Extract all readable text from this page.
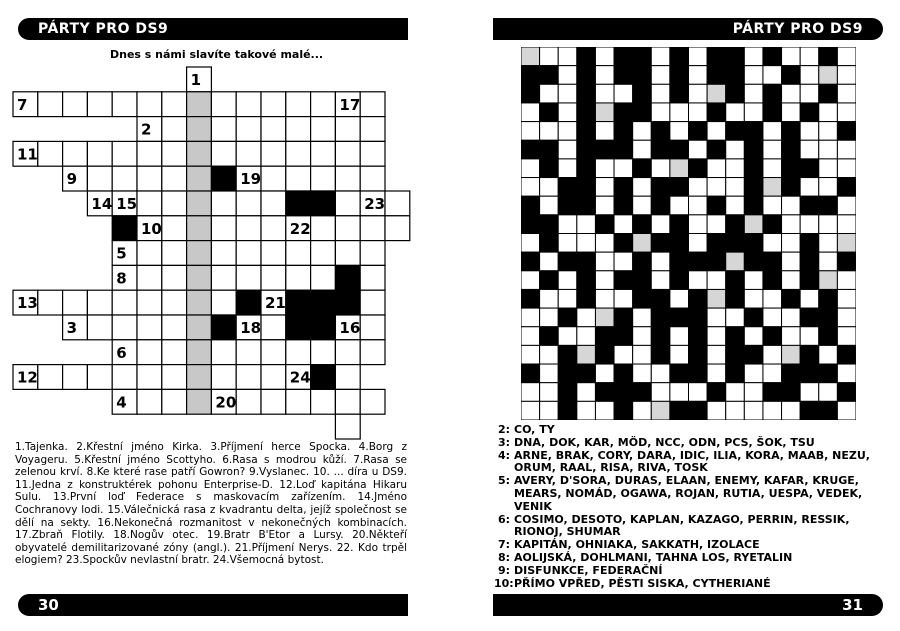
PÁRTY PRO DS9
Dnes s námi slavíte takové malé...
1
2
3
4
5
6
7
8
9
10
11
12
13
14 15
16
17
18
19
20
21
22
23
24
1.Tajenka. 2.Křestní jméno Kirka. 3.Příjmení herce Spocka. 4.Borg z Voyageru. 5.Křestní jméno Scottyho. 6.Rasa s modrou kůží. 7.Rasa se zelenou krví. 8.Ke které rase patří Gowron? 9.Vyslanec. 10. ... díra u DS9. 11.Jedna z konstruktérek pohonu Enterprise-D. 12.Loď kapitána Hikaru Sulu. 13.První loď Federace s maskovacím zařízením. 14.Jméno Cochranovy lodi. 15.Válečnická rasa z kvadrantu delta, jejíž společnost se dělí na sekty. 16.Nekonečná rozmanitost v nekonečných kombinacích. 17.Zbraň Flotily. 18.Nogův otec. 19.Bratr B'Etor a Lursy. 20.Někteří obyvatelé demilitarizované zóny (angl.). 21.Příjmení Nerys. 22. Kdo trpěl elogiem? 23.Spockův nevlastní bratr. 24.Všemocná bytost.
30
PÁRTY PRO DS9
2: CO, TY
3: DNA, DOK, KAR, MÖD, NCC, ODN, PCS, ŠOK, TSU
4: ARNE, BRAK, CORY, DARA, IDIC, ILIA, KORA, MAAB, NEZU, ORUM, RAAL, RISA, RIVA, TOSK
5: AVERY, D'SORA, DURAS, ELAAN, ENEMY, KAFAR, KRUGE, MEARS, NOMÁD, OGAWA, ROJAN, RUTIA, UESPA, VEDEK, VENIK
6: COSIMO, DESOTO, KAPLAN, KAZAGO, PERRIN, RESSIK, RIONOJ, SHUMAR
7: KAPITÁN, OHNIAKA, SAKKATH, IZOLACE
8: AOLIJSKÁ, DOHLMANI, TAHNA LOS, RYETALIN
9: DISFUNKCE, FEDERAČNÍ
10: PŘÍMO VPŘED, PĚSTI SISKA, CYTHERIANÉ
31
